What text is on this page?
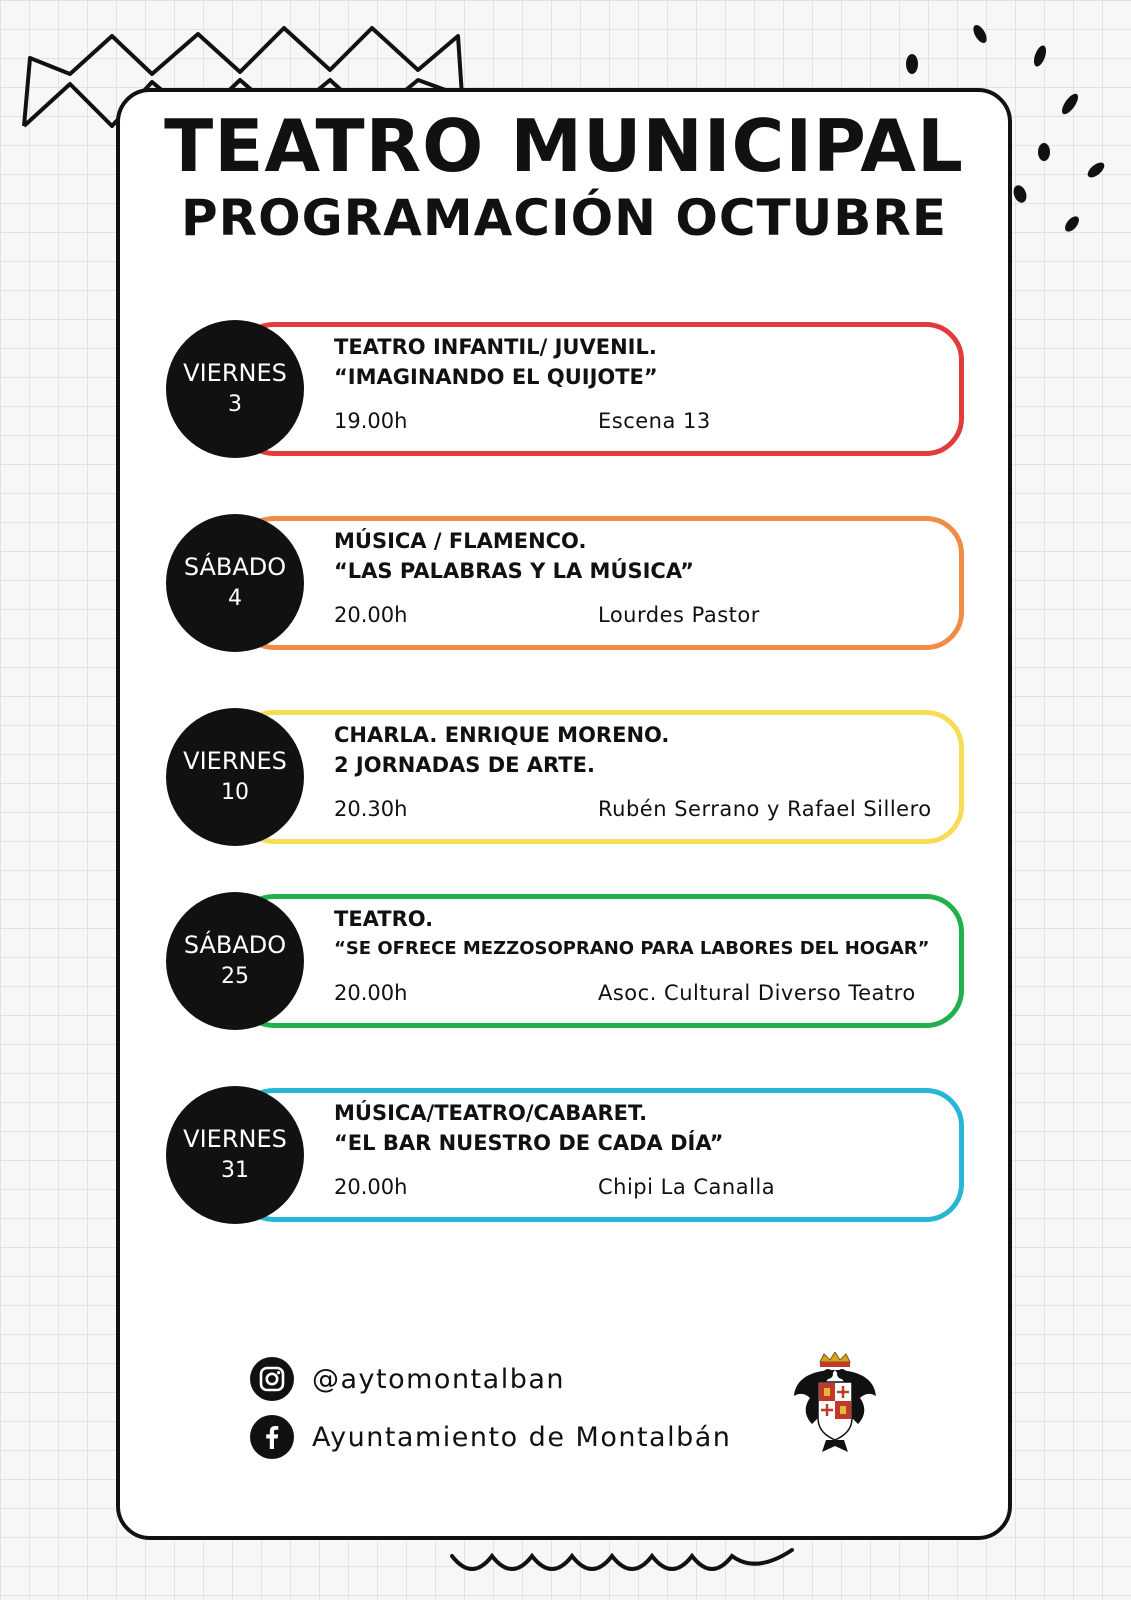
TEATRO MUNICIPAL
PROGRAMACIÓN OCTUBRE
VIERNES
3
TEATRO INFANTIL/ JUVENIL.
“IMAGINANDO EL QUIJOTE”
19.00h	Escena 13
SÁBADO
4
MÚSICA / FLAMENCO.
“LAS PALABRAS Y LA MÚSICA”
20.00h	Lourdes Pastor
VIERNES
10
CHARLA. ENRIQUE MORENO.
2 JORNADAS DE ARTE.
20.30h	Rubén Serrano y Rafael Sillero
SÁBADO
25
TEATRO.
“SE OFRECE MEZZOSOPRANO PARA LABORES DEL HOGAR”
20.00h	Asoc. Cultural Diverso Teatro
VIERNES
31
MÚSICA/TEATRO/CABARET.
“EL BAR NUESTRO DE CADA DÍA”
20.00h	Chipi La Canalla
@aytomontalban
Ayuntamiento de Montalbán
